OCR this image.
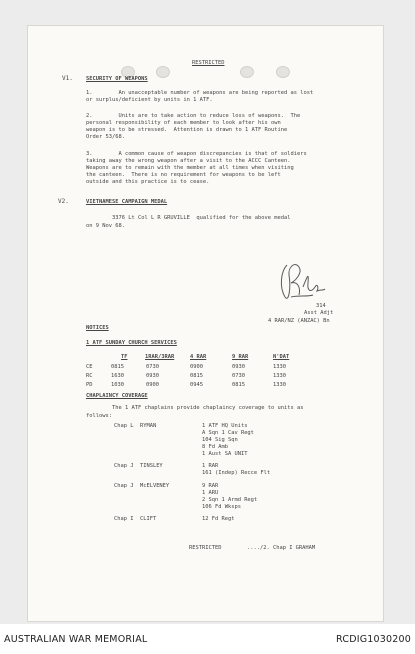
RESTRICTED
V1. SECURITY OF WEAPONS
1.        An unacceptable number of weapons are being reported as lost
or surplus/deficient by units in 1 ATF.
2.        Units are to take action to reduce loss of weapons.  The
personal responsibility of each member to look after his own
weapon is to be stressed.  Attention is drawn to 1 ATF Routine
Order 53/68.
3.        A common cause of weapon discrepancies is that of soldiers
taking away the wrong weapon after a visit to the ACCC Canteen.
Weapons are to remain with the member at all times when visiting
the canteen.  There is no requirement for weapons to be left
outside and this practice is to cease.
V2.	VIETNAMESE CAMPAIGN MEDAL
3376 Lt Col L R GRUVILLE  qualified for the above medal
on 9 Nov 68.
314
Asst Adjt
4 RAR/NZ (ANZAC) Bn
NOTICES
1 ATF SUNDAY CHURCH SERVICES
TF	1RAR/3RAR	4 RAR	9 RAR	N'DAT
CE	0815	0730	0900	0930	1330
RC	1630	0930	0815	0730	1330
PD	1030	0900	0945	0815	1330
CHAPLAINCY COVERAGE
The 1 ATF chaplains provide chaplaincy coverage to units as
follows:
Chap L  RYMAN	1 ATF HQ Units
A Sqn 1 Cav Regt
104 Sig Sqn
8 Fd Amb
1 Aust SA UNIT
Chap J  TINSLEY	1 RAR
161 (Indep) Recce Flt
Chap J  McELVENEY	9 RAR
1 ARU
2 Sqn 1 Armd Regt
106 Fd Wksps
Chap I  CLIFT	12 Fd Regt
RESTRICTED	..../2. Chap I GRAHAM
AUSTRALIAN WAR MEMORIAL	RCDIG1030200
